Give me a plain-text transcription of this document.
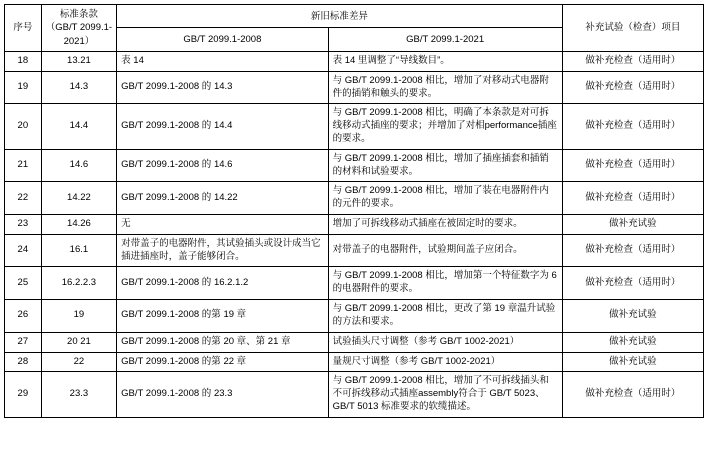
序号	标准条款（GB/T 2099.1-2021）	新旧标准差异		补充试验（检查）项目
		GB/T 2099.1-2008	GB/T 2099.1-2021	
18	13.21	表 14	表 14 里调整了“导线数目”。	做补充检查（适用时）
19	14.3	GB/T 2099.1-2008 的 14.3	与 GB/T 2099.1-2008 相比，增加了对移动式电器附件的插销和触头的要求。	做补充检查（适用时）
20	14.4	GB/T 2099.1-2008 的 14.4	与 GB/T 2099.1-2008 相比，明确了本条款是对可拆线移动式插座的要求；并增加了对相performance插座的要求。	做补充检查（适用时）
21	14.6	GB/T 2099.1-2008 的 14.6	与 GB/T 2099.1-2008 相比，增加了插座插套和插销的材料和试验要求。	做补充检查（适用时）
22	14.22	GB/T 2099.1-2008 的 14.22	与 GB/T 2099.1-2008 相比，增加了装在电器附件内的元件的要求。	做补充检查（适用时）
23	14.26	无	增加了可拆线移动式插座在被固定时的要求。	做补充试验
24	16.1	对带盖子的电器附件，其试验插头或设计成当它插进插座时，盖子能够闭合。	对带盖子的电器附件，试验期间盖子应闭合。	做补充检查（适用时）
25	16.2.2.3	GB/T 2099.1-2008 的 16.2.1.2	与 GB/T 2099.1-2008 相比，增加第一个特征数字为 6 的电器附件的要求。	做补充检查（适用时）
26	19	GB/T 2099.1-2008 的第 19 章	与 GB/T 2099.1-2008 相比，更改了第 19 章温升试验的方法和要求。	做补充试验
27	20 21	GB/T 2099.1-2008 的第 20 章、第 21 章	试验插头尺寸调整（参考 GB/T 1002-2021）	做补充试验
28	22	GB/T 2099.1-2008 的第 22 章	量规尺寸调整（参考 GB/T 1002-2021）	做补充试验
29	23.3	GB/T 2099.1-2008 的 23.3	与 GB/T 2099.1-2008 相比，增加了不可拆线插头和不可拆线移动式插座assembly符合于 GB/T 5023、GB/T 5013 标准要求的软缆描述。	做补充检查（适用时）
